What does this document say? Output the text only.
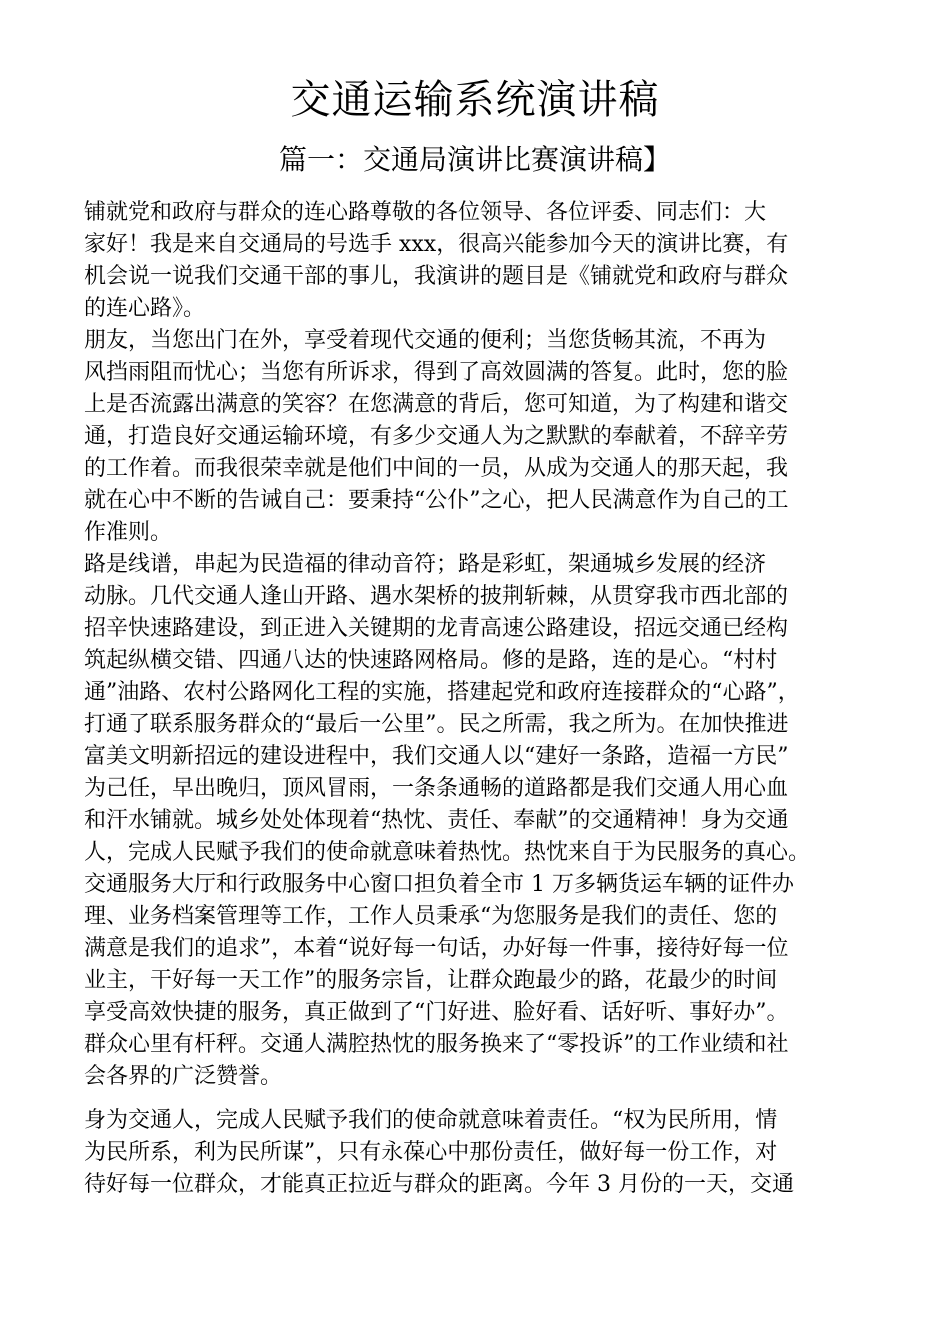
交通运输系统演讲稿
篇一：交通局演讲比赛演讲稿】
铺就党和政府与群众的连心路尊敬的各位领导、各位评委、同志们：大
家好！我是来自交通局的号选手 xxx，很高兴能参加今天的演讲比赛，有
机会说一说我们交通干部的事儿，我演讲的题目是《铺就党和政府与群众
的连心路》。
朋友，当您出门在外，享受着现代交通的便利；当您货畅其流，不再为
风挡雨阻而忧心；当您有所诉求，得到了高效圆满的答复。此时，您的脸
上是否流露出满意的笑容？在您满意的背后，您可知道，为了构建和谐交
通，打造良好交通运输环境，有多少交通人为之默默的奉献着，不辞辛劳
的工作着。而我很荣幸就是他们中间的一员，从成为交通人的那天起，我
就在心中不断的告诫自己：要秉持“公仆”之心，把人民满意作为自己的工
作准则。
路是线谱，串起为民造福的律动音符；路是彩虹，架通城乡发展的经济
动脉。几代交通人逢山开路、遇水架桥的披荆斩棘，从贯穿我市西北部的
招辛快速路建设，到正进入关键期的龙青高速公路建设，招远交通已经构
筑起纵横交错、四通八达的快速路网格局。修的是路，连的是心。“村村
通”油路、农村公路网化工程的实施，搭建起党和政府连接群众的“心路”，
打通了联系服务群众的“最后一公里”。民之所需，我之所为。在加快推进
富美文明新招远的建设进程中，我们交通人以“建好一条路，造福一方民”
为己任，早出晚归，顶风冒雨，一条条通畅的道路都是我们交通人用心血
和汗水铺就。城乡处处体现着“热忱、责任、奉献”的交通精神！身为交通
人，完成人民赋予我们的使命就意味着热忱。热忱来自于为民服务的真心。
交通服务大厅和行政服务中心窗口担负着全市 1 万多辆货运车辆的证件办
理、业务档案管理等工作，工作人员秉承“为您服务是我们的责任、您的
满意是我们的追求”，本着“说好每一句话，办好每一件事，接待好每一位
业主，干好每一天工作”的服务宗旨，让群众跑最少的路，花最少的时间
享受高效快捷的服务，真正做到了“门好进、脸好看、话好听、事好办”。
群众心里有杆秤。交通人满腔热忱的服务换来了“零投诉”的工作业绩和社
会各界的广泛赞誉。
身为交通人，完成人民赋予我们的使命就意味着责任。“权为民所用，情
为民所系，利为民所谋”，只有永葆心中那份责任，做好每一份工作，对
待好每一位群众，才能真正拉近与群众的距离。今年 3 月份的一天，交通
